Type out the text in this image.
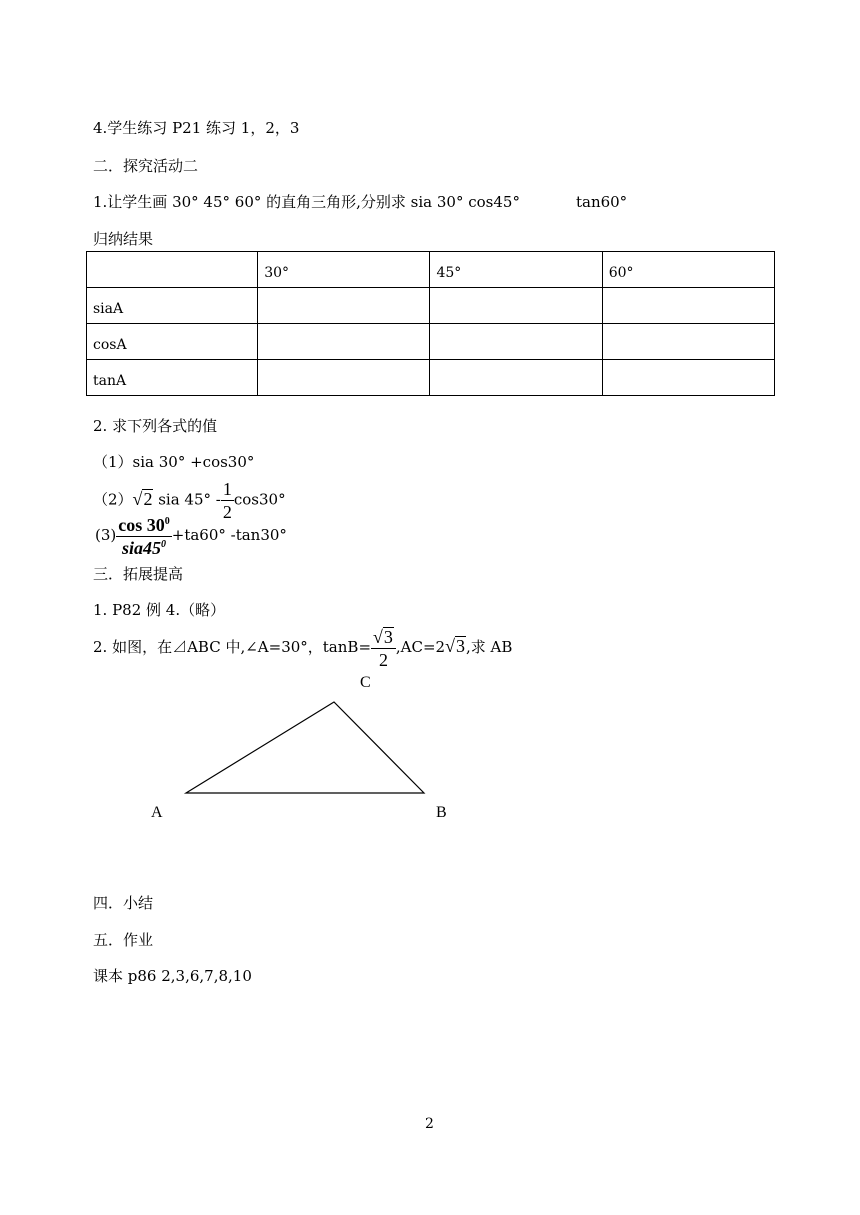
4.学生练习 P21 练习 1，2，3
二．探究活动二
1.让学生画 30° 45° 60° 的直角三角形,分别求 sia 30° cos45°	tan60°
归纳结果
	30°	45°	60°
siaA			
cosA			
tanA			
2. 求下列各式的值
（1）sia 30° +cos30°
（2） √ 2 sia $45^\circ - \frac{1}{2} \cos 30^\circ$
$(3) \frac{\cos 30^0}{sia45^0} +ta60^\circ$ -tan30°
三．拓展提高
1. P82 例 4.（略）
2. 如图，在⊿ABC 中,∠A=30°，$\tan B= \frac{√ 3}{2} ,AC=2$ √ 3 ,求 AB
C
A	B
四．小结
五．作业
课本 p86 2,3,6,7,8,10
2
